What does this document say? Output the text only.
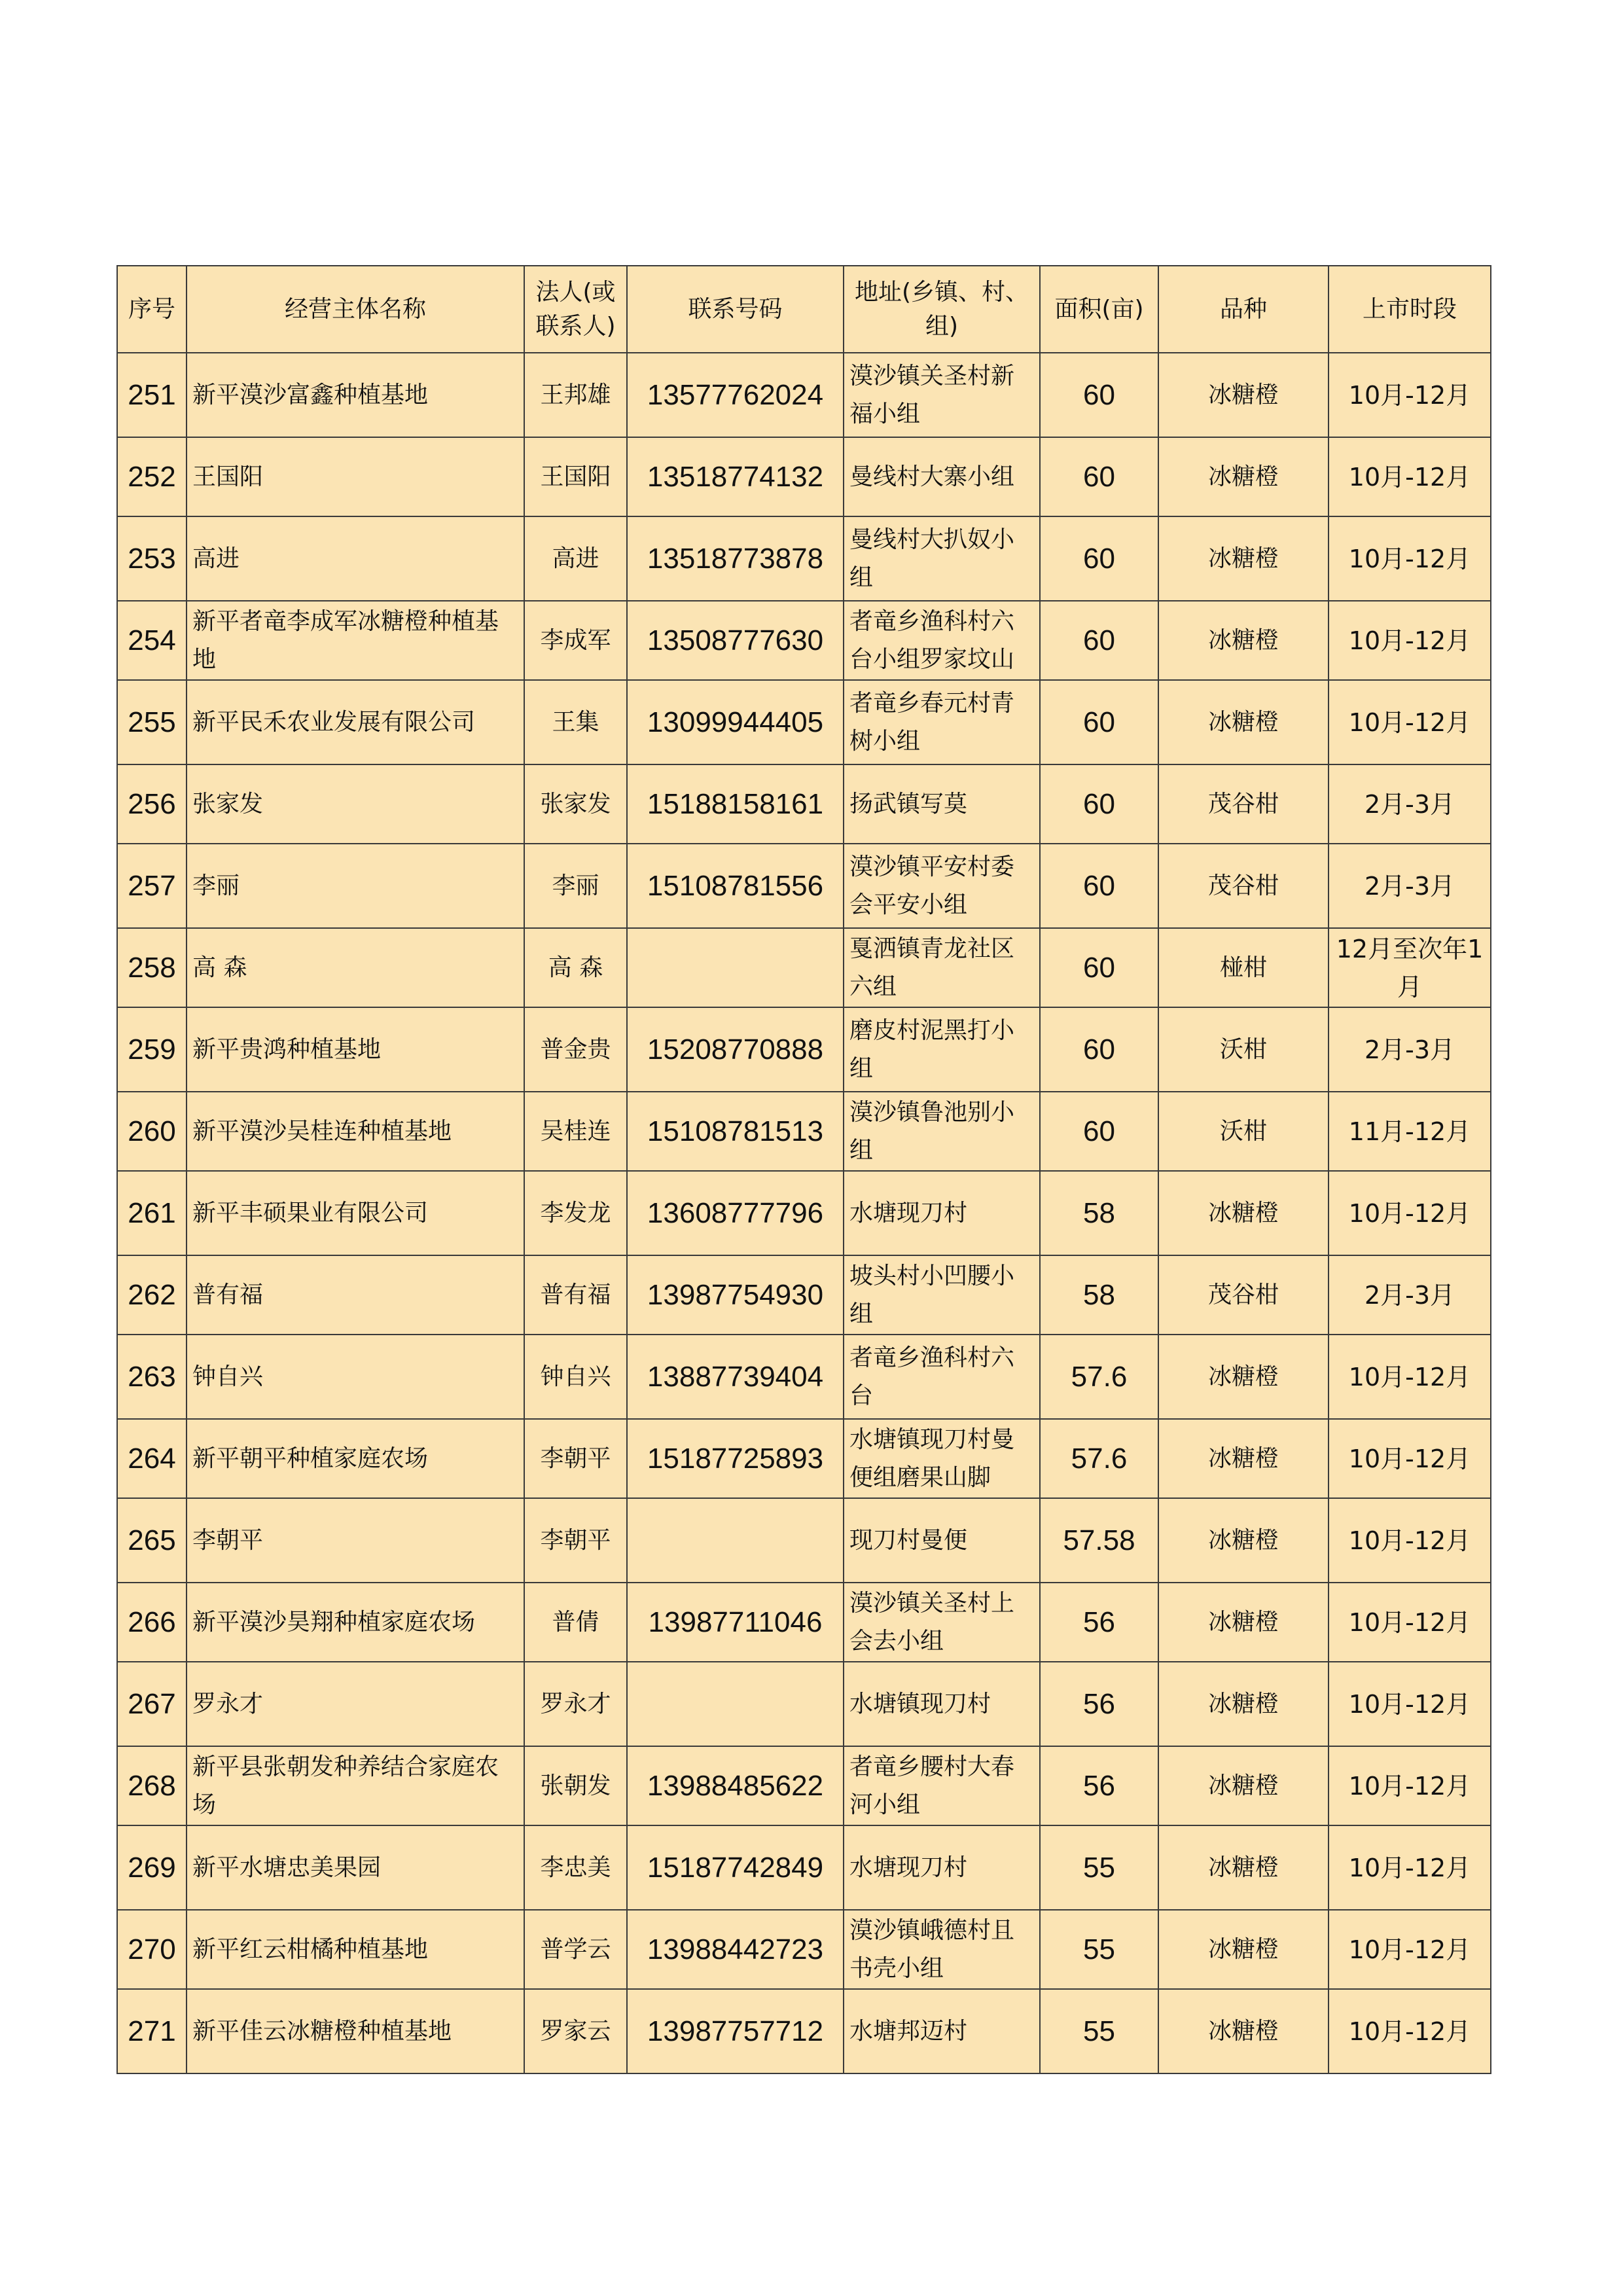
序号	经营主体名称	法人(或联系人)	联系号码	地址(乡镇、村、组)	面积(亩)	品种	上市时段
251	新平漠沙富鑫种植基地	王邦雄	13577762024	漠沙镇关圣村新福小组	60	冰糖橙	10月-12月
252	王国阳	王国阳	13518774132	曼线村大寨小组	60	冰糖橙	10月-12月
253	高进	高进	13518773878	曼线村大扒奴小组	60	冰糖橙	10月-12月
254	新平者竜李成军冰糖橙种植基地	李成军	13508777630	者竜乡渔科村六台小组罗家坟山	60	冰糖橙	10月-12月
255	新平民禾农业发展有限公司	王集	13099944405	者竜乡春元村青树小组	60	冰糖橙	10月-12月
256	张家发	张家发	15188158161	扬武镇写莫	60	茂谷柑	2月-3月
257	李丽	李丽	15108781556	漠沙镇平安村委会平安小组	60	茂谷柑	2月-3月
258	高 森	高 森		戛洒镇青龙社区六组	60	椪柑	12月至次年1月
259	新平贵鸿种植基地	普金贵	15208770888	磨皮村泥黑打小组	60	沃柑	2月-3月
260	新平漠沙吴桂连种植基地	吴桂连	15108781513	漠沙镇鲁池别小组	60	沃柑	11月-12月
261	新平丰硕果业有限公司	李发龙	13608777796	水塘现刀村	58	冰糖橙	10月-12月
262	普有福	普有福	13987754930	坡头村小凹腰小组	58	茂谷柑	2月-3月
263	钟自兴	钟自兴	13887739404	者竜乡渔科村六台	57.6	冰糖橙	10月-12月
264	新平朝平种植家庭农场	李朝平	15187725893	水塘镇现刀村曼便组磨果山脚	57.6	冰糖橙	10月-12月
265	李朝平	李朝平		现刀村曼便	57.58	冰糖橙	10月-12月
266	新平漠沙昊翔种植家庭农场	普倩	13987711046	漠沙镇关圣村上会去小组	56	冰糖橙	10月-12月
267	罗永才	罗永才		水塘镇现刀村	56	冰糖橙	10月-12月
268	新平县张朝发种养结合家庭农场	张朝发	13988485622	者竜乡腰村大春河小组	56	冰糖橙	10月-12月
269	新平水塘忠美果园	李忠美	15187742849	水塘现刀村	55	冰糖橙	10月-12月
270	新平红云柑橘种植基地	普学云	13988442723	漠沙镇峨德村且书壳小组	55	冰糖橙	10月-12月
271	新平佳云冰糖橙种植基地	罗家云	13987757712	水塘邦迈村	55	冰糖橙	10月-12月
